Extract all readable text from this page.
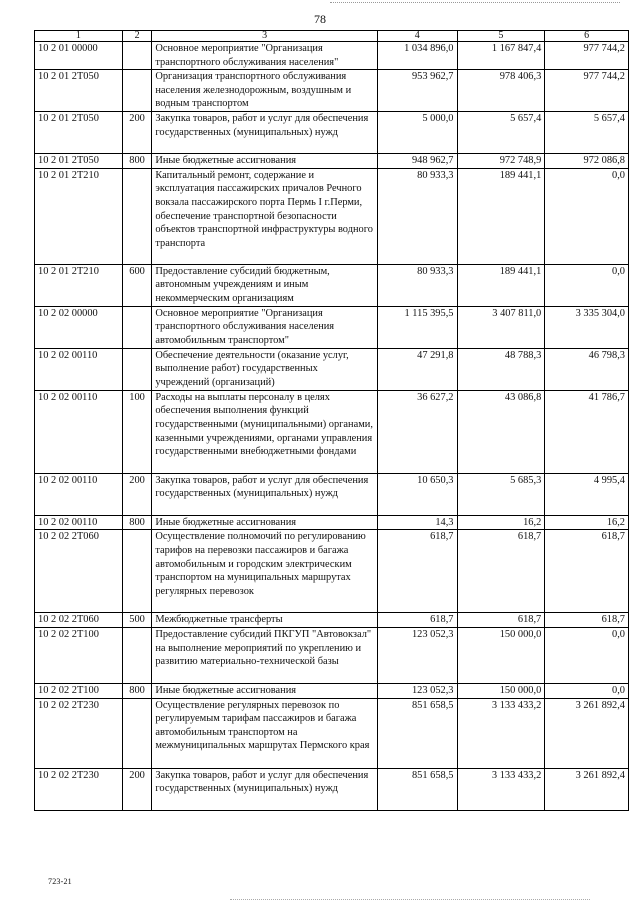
78
1	2	3	4	5	6
10 2 01 00000		Основное мероприятие "Организация транспортного обслуживания населения"	1 034 896,0	1 167 847,4	977 744,2
10 2 01 2Т050		Организация транспортного обслуживания населения железнодорожным, воздушным и водным транспортом	953 962,7	978 406,3	977 744,2
10 2 01 2Т050	200	Закупка товаров, работ и услуг для обеспечения государственных (муниципальных) нужд	5 000,0	5 657,4	5 657,4
10 2 01 2Т050	800	Иные бюджетные ассигнования	948 962,7	972 748,9	972 086,8
10 2 01 2Т210		Капитальный ремонт, содержание и эксплуатация пассажирских причалов Речного вокзала пассажирского порта Пермь I г.Перми, обеспечение транспортной безопасности объектов транспортной инфраструктуры водного транспорта	80 933,3	189 441,1	0,0
10 2 01 2Т210	600	Предоставление субсидий бюджетным, автономным учреждениям и иным некоммерческим организациям	80 933,3	189 441,1	0,0
10 2 02 00000		Основное мероприятие "Организация транспортного обслуживания населения автомобильным транспортом"	1 115 395,5	3 407 811,0	3 335 304,0
10 2 02 00110		Обеспечение деятельности (оказание услуг, выполнение работ) государственных учреждений (организаций)	47 291,8	48 788,3	46 798,3
10 2 02 00110	100	Расходы на выплаты персоналу в целях обеспечения выполнения функций государственными (муниципальными) органами, казенными учреждениями, органами управления государственными внебюджетными фондами	36 627,2	43 086,8	41 786,7
10 2 02 00110	200	Закупка товаров, работ и услуг для обеспечения государственных (муниципальных) нужд	10 650,3	5 685,3	4 995,4
10 2 02 00110	800	Иные бюджетные ассигнования	14,3	16,2	16,2
10 2 02 2Т060		Осуществление полномочий по регулированию тарифов на перевозки пассажиров и багажа автомобильным и городским электрическим транспортом на муниципальных маршрутах регулярных перевозок	618,7	618,7	618,7
10 2 02 2Т060	500	Межбюджетные трансферты	618,7	618,7	618,7
10 2 02 2Т100		Предоставление субсидий ПКГУП "Автовокзал" на выполнение мероприятий по укреплению и развитию материально-технической базы	123 052,3	150 000,0	0,0
10 2 02 2Т100	800	Иные бюджетные ассигнования	123 052,3	150 000,0	0,0
10 2 02 2Т230		Осуществление регулярных перевозок по регулируемым тарифам пассажиров и багажа автомобильным транспортом на межмуниципальных маршрутах Пермского края	851 658,5	3 133 433,2	3 261 892,4
10 2 02 2Т230	200	Закупка товаров, работ и услуг для обеспечения государственных (муниципальных) нужд	851 658,5	3 133 433,2	3 261 892,4
723-21
